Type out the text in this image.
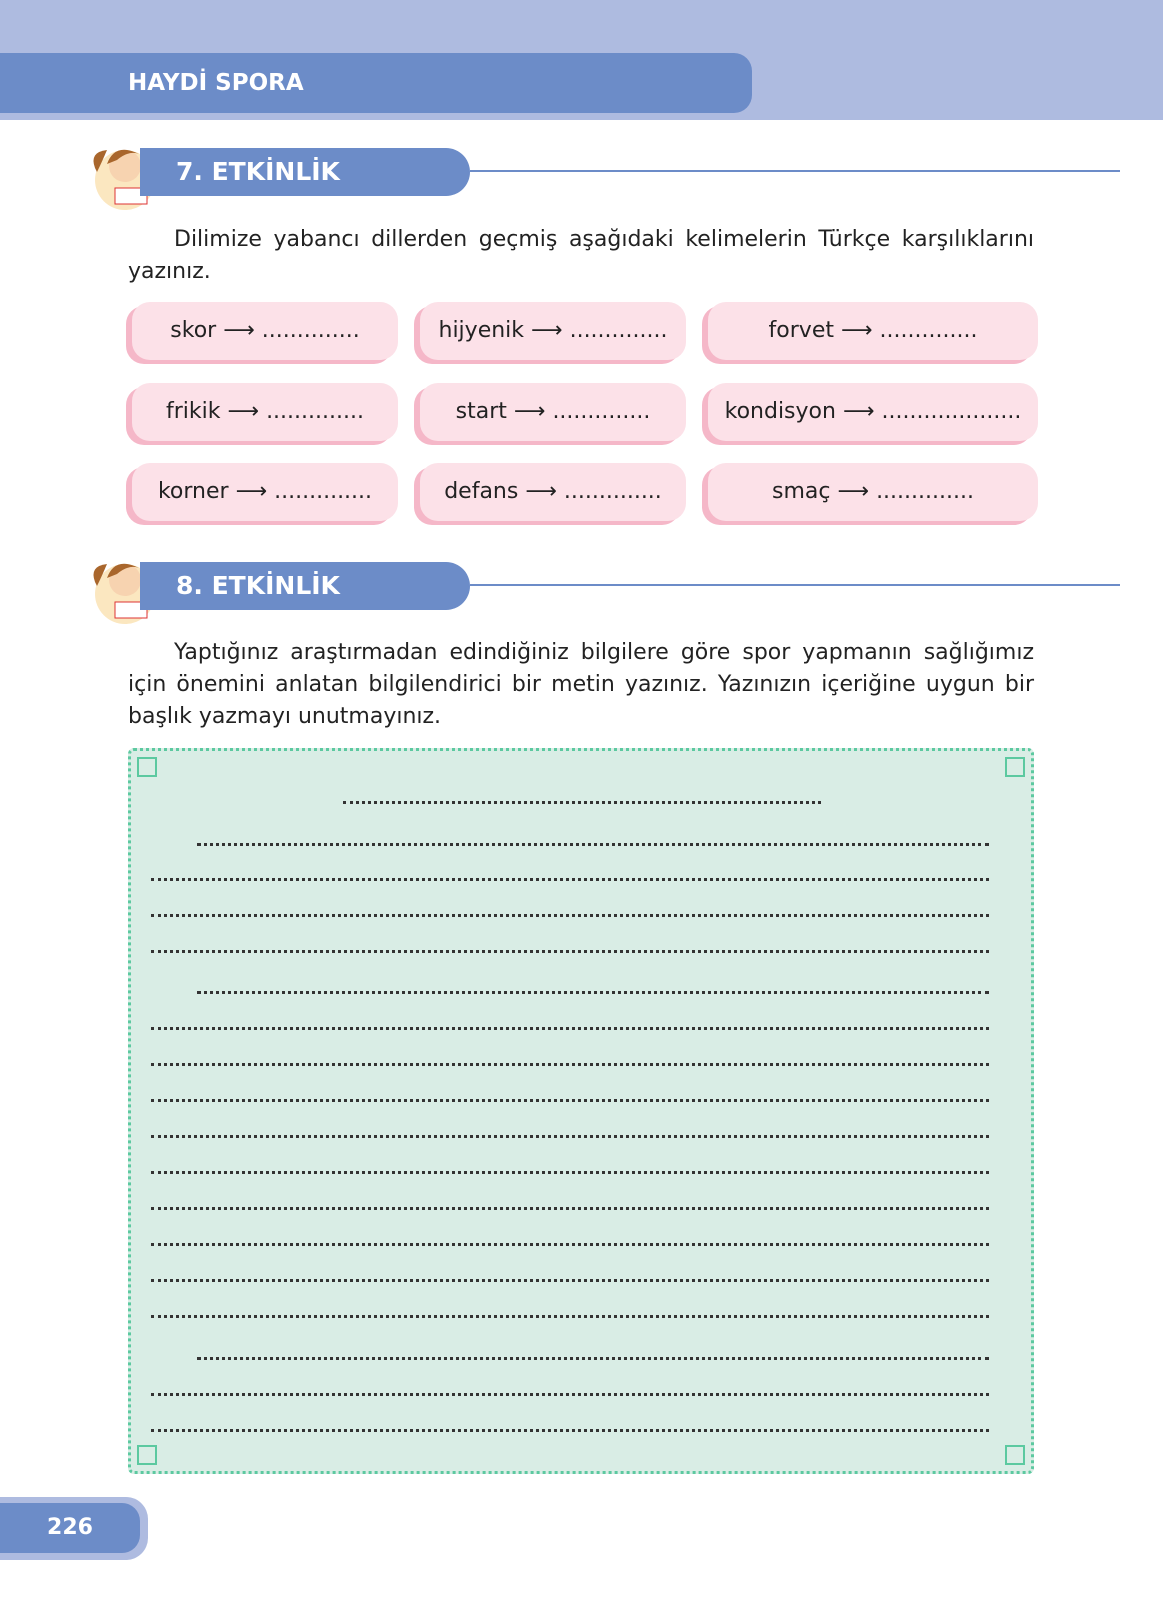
HAYDİ SPORA
7. ETKİNLİK
Dilimize yabancı dillerden geçmiş aşağıdaki kelimelerin Türkçe karşılıklarını yazınız.
skor ⟶ ..............	hijyenik ⟶ ..............	forvet ⟶ ..............
frikik ⟶ ..............	start ⟶ ..............	kondisyon ⟶ ....................
korner ⟶ ..............	defans ⟶ ..............	smaç ⟶ ..............
8. ETKİNLİK
Yaptığınız araştırmadan edindiğiniz bilgilere göre spor yapmanın sağlığımız için önemini anlatan bilgilendirici bir metin yazınız. Yazınızın içeriğine uygun bir başlık yazmayı unutmayınız.
226
